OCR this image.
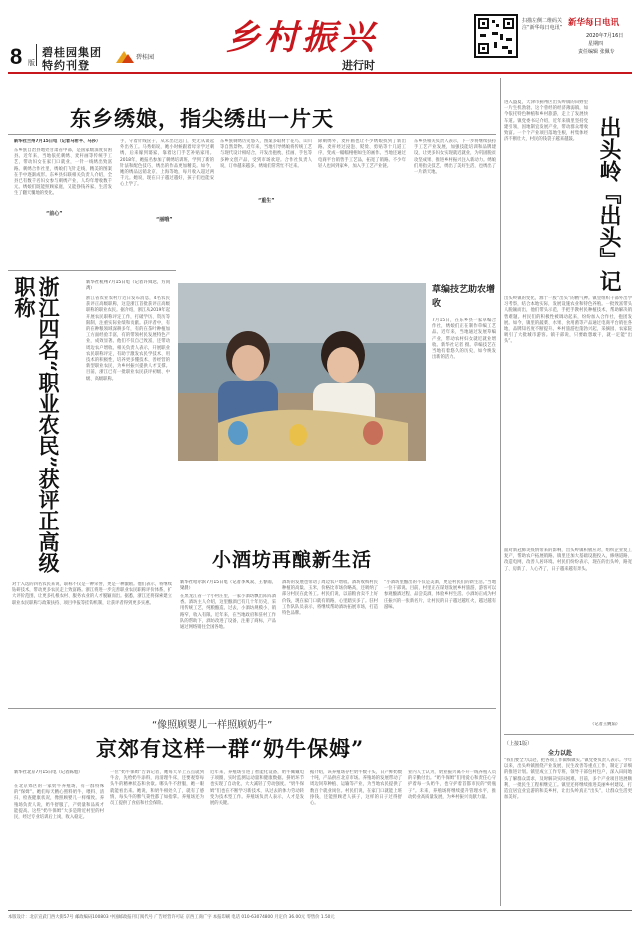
8 版
碧桂园集团
特约刊登
碧桂园 乡村振兴
进行时
扫描左侧二维码关注“新华每日电讯” 新华每日电讯
2020年7月16日
星期四
责任编辑 张佩专
东乡绣娘，指尖绣出一片天
新华社兰州7月15日电（记者马希平、马莎）
东乡族自治县地处甘肃省中部，是国家级深度贫困县。近年来，当地依托刺绣、麦秆画等传统手工艺，带动妇女在家门口就业，一针一线绣出致富路。刺绣合作社里，绣娘们飞针走线，精美的图案在手中逐渐成形。东乡县妇联相关负责人介绍，全县已有数千名妇女参与刺绣产业，人均年增收数千元。绣娘们既能照顾家庭，又能挣钱养家，生活发生了翻天覆地的变化。
“前心”
手，守着针线筐子，从未出过远门，更无从谈起外出务工。马秀娟说，她小时候跟着母亲学过刺绣，后来嫁到婆家，靠着这门手艺补贴家用。2018年，她报名参加了刺绣培训班，学到了新的针法和配色技巧，绣出的作品更加精美。如今，她的绣品远销北京、上海等地，每月收入超过两千元。她说，现在日子越过越好，孩子们也能安心上学了。
“丽哦”
东乡族刺绣历史悠久，图案多取材于花鸟、山川等自然景物。近年来，当地引导绣娘将传统工艺与现代设计相结合，开发出抱枕、挂画、手包等多种文创产品，受到市场欢迎。合作社负责人说，订单越来越多，绣娘们常常忙不过来。
“重生”
除刺绣外，麦秆画也让不少绣娘找到了新出路。麦秆经过浸泡、熨烫、剪贴等十几道工序，变成一幅幅栩栩如生的画作。当地还通过电商平台销售手工艺品，拓宽了销路。不少年轻人也回到家乡，加入手工艺产业链。
东乡县相关负责人表示，下一步将继续扶持手工艺产业发展，加强技能培训和品牌建设，让更多妇女实现就近就业，为巩固脱贫攻坚成果、推进乡村振兴注入新动力。绣娘们用指尖技艺，绣出了美好生活，也绣出了一片新天地。
草编技艺助农增收
7月15日，在东乡县一家草编合作社，绣娘们正在制作草编工艺品。近年来，当地通过发展草编产业，带动农村妇女就近就业增收。新华社记者 摄。草编技艺在当地有着悠久的历史，如今焕发出新的活力。
浙江四名“职业农民”获评正高级职称	新华社杭州7月15日电（记者许舜达、方问禹）
浙江省农业农村厅近日发布消息，4名农民获评正高级职称，这是浙江首批获评正高级职称的职业农民。据介绍，浙江从2019年起开展农民职称评定工作，打破学历、资历等限制，注重实际业绩和贡献。获评者中，有的在种粮领域深耕多年，有的在茶叶种植加工方面经验丰富，有的带领村民发展特色产业，成效显著。他们不仅自己致富，还带动周边农户增收。相关负责人表示，开展职业农民职称评定，有助于激发农民学技术、用技术的积极性，培养更多懂技术、善经营的新型职业农民，为乡村振兴提供人才支撑。目前，浙江已有一批职业农民获评初级、中级、高级职称。
对于入选的四名农民来说，职称不仅是一种荣誉，更是一种激励。他们表示，将继续钻研技术，带动更多农民走上致富路。浙江将进一步完善职业农民职称评价体系，扩大评价范围，让更多扎根农村、服务农业的人才脱颖而出。据悉，浙江还将探索建立职业农民职称与政策扶持、项目申报等挂钩机制，让获评者得到更多实惠。
小酒坊再酿新生活
新华社哈尔滨7月15日电（记者李凤双、王春雨、梁晨）
在黑龙江省一个小村庄里，一家小酒坊飘出阵阵酒香。酒坊主人介绍，这里酿酒已有几十年历史，采用传统工艺，纯粮酿造。过去，小酒坊规模小、销路窄，收入有限。近年来，在当地政府和驻村工作队的帮助下，酒坊改进了设备，注册了商标，产品通过网络销往全国各地。
酒坊的发展也带动了周边农户增收。酒坊收购村民种植的高粱、玉米，价格比市场价略高，还吸纳了部分村民在此务工。村民们说，以前粮食卖不上好价钱，现在家门口就有销路，心里踏实多了。驻村工作队队员表示，将继续帮助酒坊拓展市场，打造特色品牌。
“小酒坊里酿出的不仅是美酒，更是村民们的新生活。”当地一位干部说。目前，村里正在谋划发展乡村旅游，游客可以参观酿酒过程、品尝美酒，体验乡村生活。小酒坊正成为村庄振兴的一张新名片，让村民的日子越过越红火，越过越有滋味。
“像照顾婴儿一样照顾奶牛”
京郊有这样一群“奶牛保姆”
新华社北京7月15日电（记者陈旭）
在北京郊区的一家奶牛养殖场，有一群特殊的“保姆”。她们每天精心照料奶牛，喂料、清扫、检查健康状况，像照顾婴儿一样细致。养殖场负责人说，奶牛舒服了，产奶量和品质才能提高。这些“奶牛保姆”大多是附近村里的村民，经过专业培训后上岗，收入稳定。
一位“奶牛保姆”告诉记者，她每天早上五点就到牛舍，先给奶牛添料，再清理牛床，还要观察每头牛的精神状态和食欲。哪头牛不舒服，她一眼就能看出来。她说，和奶牛相处久了，就有了感情，每头牛的脾气秉性都了如指掌。养殖场还为员工提供了食宿和社会保险。
近年来，养殖场引进了智能化设备，奶牛佩戴电子项圈，实时监测运动量和健康数据。挤奶环节也实现了自动化，大大减轻了劳动强度。“奶牛保姆”们也在不断学习新技术，从过去的体力劳动转变为技术型工作。养殖场负责人表示，人才是发展的关键。
据介绍，该养殖场存栏奶牛数千头，日产鲜奶数十吨，产品供应北京市场。养殖场的发展带动了周边饲草种植、运输等产业，为当地农民提供了数百个就业岗位。村民们说，在家门口就能上班挣钱，还能照顾老人孩子，这样的日子过得舒心。
业内人士认为，奶业振兴离不开一线养殖人员的辛勤付出。“奶牛保姆”们用爱心和责任心守护着每一头奶牛，也守护着首都市民的“奶瓶子”。未来，养殖场将继续提升管理水平，推动奶业高质量发展，为乡村振兴贡献力量。
出头岭『出头』记
进入盛夏，天津市蓟州区出头岭镇的田野里一片生机勃勃。这个曾经的经济薄弱镇，如今依托特色种植和乡村旅游，走上了发展快车道。镇党委书记介绍，近年来镇里坚持党建引领，因地制宜发展产业，带动群众增收致富。一个个产业项目落地生根，村集体经济不断壮大，村民的钱袋子越来越鼓。
出头岭镇的变化，源于一股“出头”的精气神。镇里组织干部外出学习考察，结合本地实际，发展设施农业和特色养殖。一批致富带头人脱颖而出，他们带头示范，手把手教村民种植技术，帮助解决销售难题。村民们的积极性被调动起来，纷纷加入合作社，抱团发展。如今，镇里的蔬菜、水果、食用菌等产品通过电商平台销往各地，品牌知名度不断提升。乡村旅游也蓬勃兴起，采摘园、农家院吸引了大批城市游客。镇干部说，只要敢想敢干，就一定能“出头”。
面对新冠肺炎疫情带来的影响，出头岭镇积极应对，组织企业复工复产，帮助农户拓展销路。镇里还加大基础设施投入，修缮道路、改造电网，改善人居环境。村民们纷纷表示，现在的出头岭，路宽了、房新了、人心齐了，日子越来越有奔头。
（记者王婉茹）
（上接1版）
全力以赴
“我们要全力以赴，把各项工作做细做实。”镇党委负责人表示。今年以来，出头岭镇围绕产业发展、民生改善等重点工作，制定了详细的推进计划。镇里成立工作专班，领导干部包村包户，深入田间地头了解群众需求，及时解决实际困难。目前，多个产业项目进展顺利，一批民生工程相继完工。镇里还将继续推进美丽乡村建设，打造宜居宜业宜游的和美乡村，让出头岭真正“出头”，让群众生活更加美好。
本版设计：北京宣武门西大街57号 邮政编码100803 中国邮政报刊订阅代号 广告经营许可证 京西工商广字 本报印刷 电话 010-63074800 月定价 36.00元 零售价 1.50元
